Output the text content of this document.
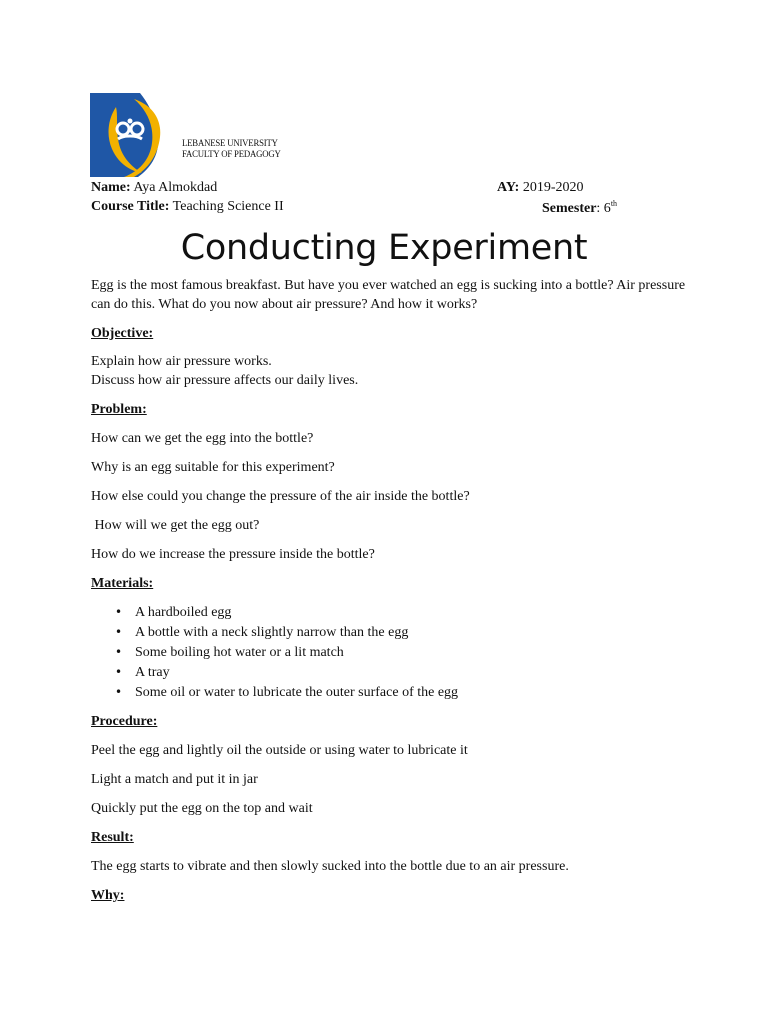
LEBANESE UNIVERSITY
FACULTY OF PEDAGOGY
Name: Aya Almokdad	AY: 2019-2020
Course Title: Teaching Science II	Semester: 6th
Conducting Experiment

Egg is the most famous breakfast. But have you ever watched an egg is sucking into a bottle? Air pressure can do this. What do you now about air pressure? And how it works?

Objective:

Explain how air pressure works.

Discuss how air pressure affects our daily lives.

Problem:

How can we get the egg into the bottle?

Why is an egg suitable for this experiment?

How else could you change the pressure of the air inside the bottle?

How will we get the egg out?

How do we increase the pressure inside the bottle?

Materials:

• A hardboiled egg
• A bottle with a neck slightly narrow than the egg
• Some boiling hot water or a lit match
• A tray
• Some oil or water to lubricate the outer surface of the egg

Procedure:

Peel the egg and lightly oil the outside or using water to lubricate it

Light a match and put it in jar

Quickly put the egg on the top and wait

Result:

The egg starts to vibrate and then slowly sucked into the bottle due to an air pressure.

Why:
